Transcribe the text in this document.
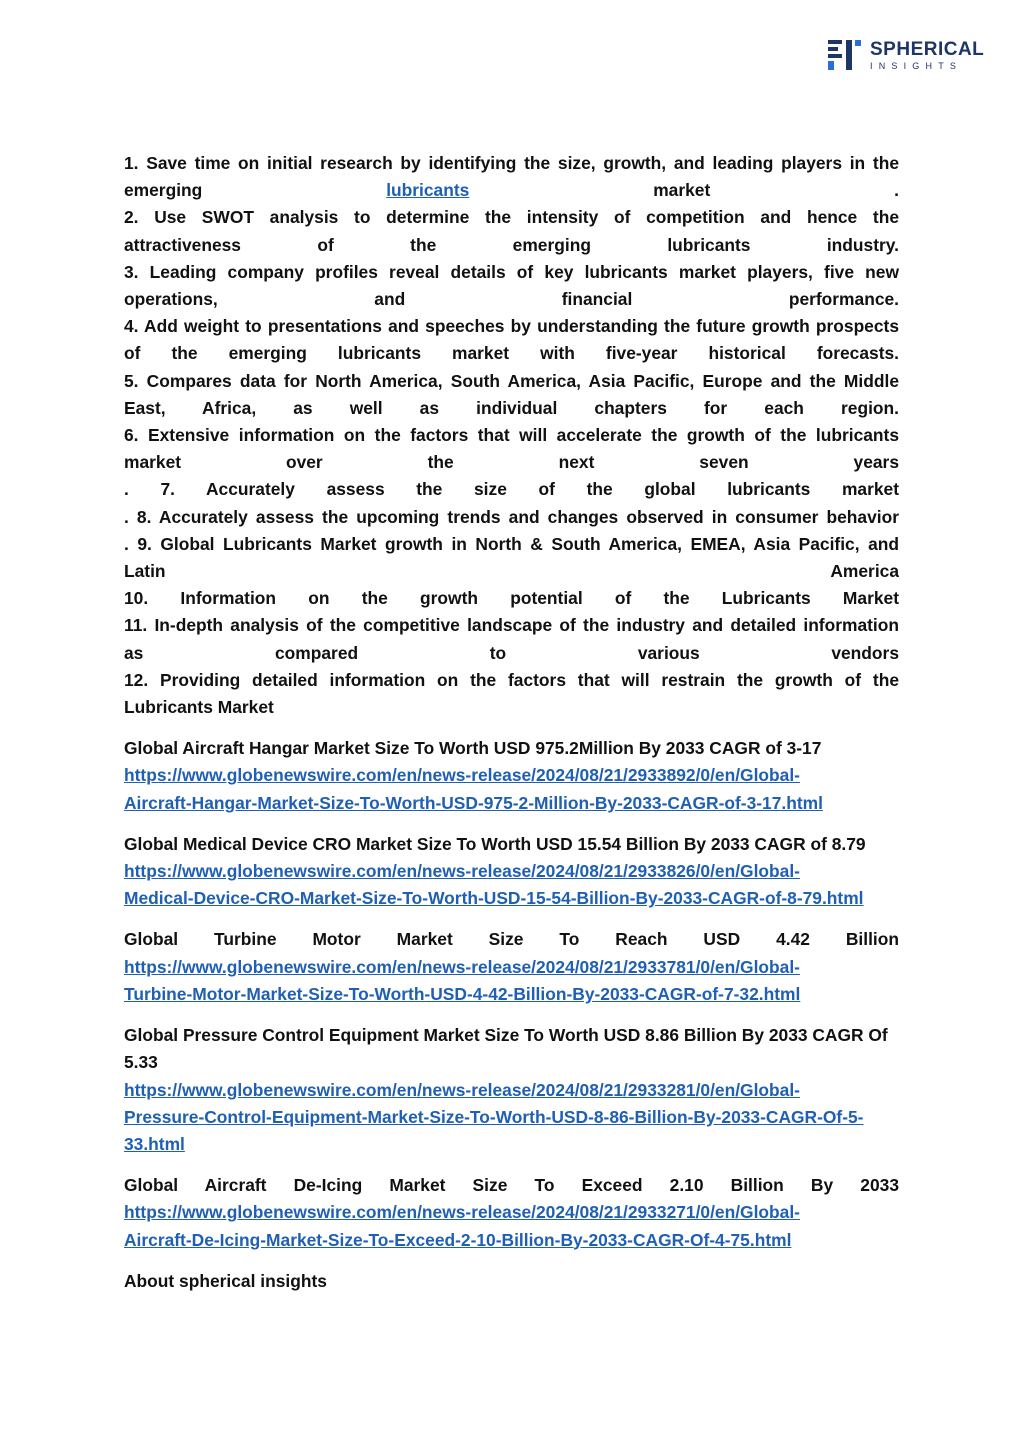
SPHERICAL
INSIGHTS
1. Save time on initial research by identifying the size, growth, and leading players in the
emerging lubricants market .
2. Use SWOT analysis to determine the intensity of competition and hence the
attractiveness of the emerging lubricants industry.
3. Leading company profiles reveal details of key lubricants market players, five new
operations, and financial performance.
4. Add weight to presentations and speeches by understanding the future growth prospects
of the emerging lubricants market with five-year historical forecasts.
5. Compares data for North America, South America, Asia Pacific, Europe and the Middle
East, Africa, as well as individual chapters for each region.
6. Extensive information on the factors that will accelerate the growth of the lubricants
market over the next seven years
. 7. Accurately assess the size of the global lubricants market
. 8. Accurately assess the upcoming trends and changes observed in consumer behavior
. 9. Global Lubricants Market growth in North & South America, EMEA, Asia Pacific, and
Latin America
10. Information on the growth potential of the Lubricants Market
11. In-depth analysis of the competitive landscape of the industry and detailed information
as compared to various vendors
12. Providing detailed information on the factors that will restrain the growth of the
Lubricants Market
Global Aircraft Hangar Market Size To Worth USD 975.2Million By 2033 CAGR of 3-17
https://www.globenewswire.com/en/news-release/2024/08/21/2933892/0/en/Global-
Aircraft-Hangar-Market-Size-To-Worth-USD-975-2-Million-By-2033-CAGR-of-3-17.html
Global Medical Device CRO Market Size To Worth USD 15.54 Billion By 2033 CAGR of 8.79
https://www.globenewswire.com/en/news-release/2024/08/21/2933826/0/en/Global-
Medical-Device-CRO-Market-Size-To-Worth-USD-15-54-Billion-By-2033-CAGR-of-8-79.html
Global Turbine Motor Market Size To Reach USD 4.42 Billion
https://www.globenewswire.com/en/news-release/2024/08/21/2933781/0/en/Global-
Turbine-Motor-Market-Size-To-Worth-USD-4-42-Billion-By-2033-CAGR-of-7-32.html
Global Pressure Control Equipment Market Size To Worth USD 8.86 Billion By 2033 CAGR Of
5.33
https://www.globenewswire.com/en/news-release/2024/08/21/2933281/0/en/Global-
Pressure-Control-Equipment-Market-Size-To-Worth-USD-8-86-Billion-By-2033-CAGR-Of-5-
33.html
Global Aircraft De-Icing Market Size To Exceed 2.10 Billion By 2033
https://www.globenewswire.com/en/news-release/2024/08/21/2933271/0/en/Global-
Aircraft-De-Icing-Market-Size-To-Exceed-2-10-Billion-By-2033-CAGR-Of-4-75.html
About spherical insights
